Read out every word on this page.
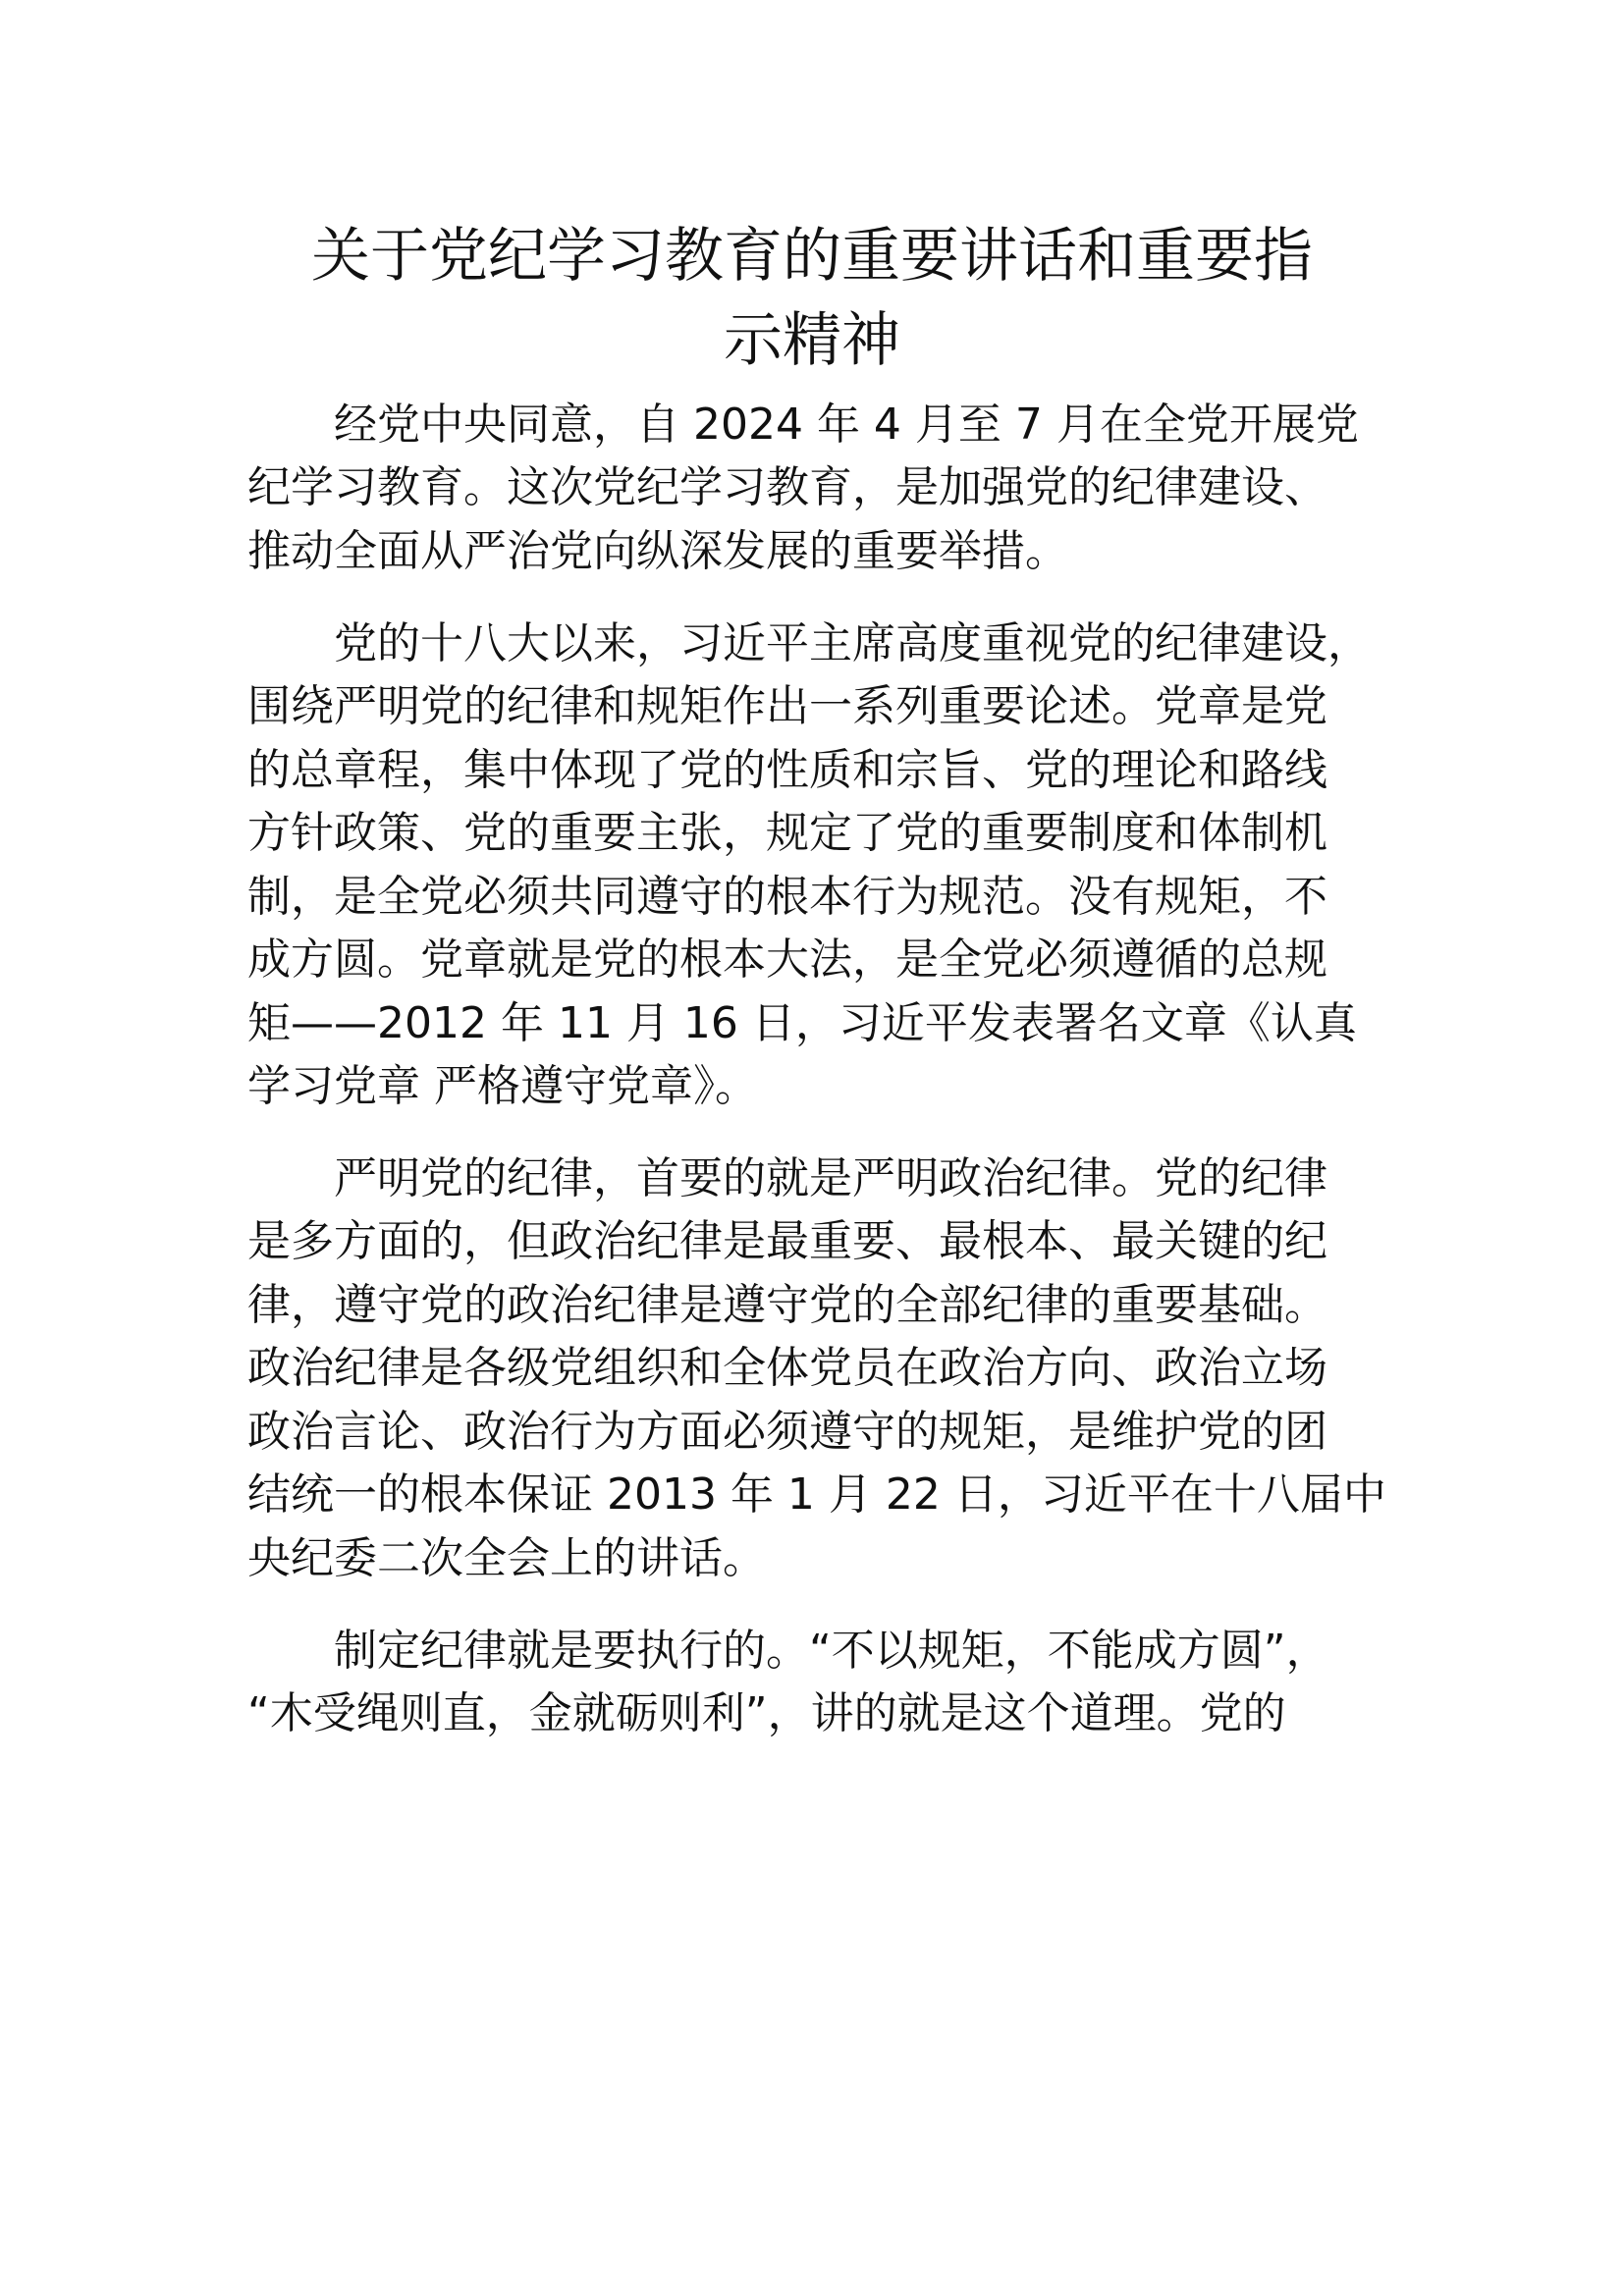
关于党纪学习教育的重要讲话和重要指
示精神

经党中央同意，自 2024 年 4 月至 7 月在全党开展党

纪学习教育。这次党纪学习教育，是加强党的纪律建设、

推动全面从严治党向纵深发展的重要举措。

党的十八大以来，习近平主席高度重视党的纪律建设，

围绕严明党的纪律和规矩作出一系列重要论述。党章是党

的总章程，集中体现了党的性质和宗旨、党的理论和路线

方针政策、党的重要主张，规定了党的重要制度和体制机

制，是全党必须共同遵守的根本行为规范。没有规矩，不

成方圆。党章就是党的根本大法，是全党必须遵循的总规

矩——2012 年 11 月 16 日，习近平发表署名文章《认真

学习党章 严格遵守党章》。

严明党的纪律，首要的就是严明政治纪律。党的纪律

是多方面的，但政治纪律是最重要、最根本、最关键的纪

律，遵守党的政治纪律是遵守党的全部纪律的重要基础。

政治纪律是各级党组织和全体党员在政治方向、政治立场

政治言论、政治行为方面必须遵守的规矩，是维护党的团

结统一的根本保证 2013 年 1 月 22 日，习近平在十八届中

央纪委二次全会上的讲话。

制定纪律就是要执行的。“不以规矩，不能成方圆”，

“木受绳则直，金就砺则利”，讲的就是这个道理。党的
